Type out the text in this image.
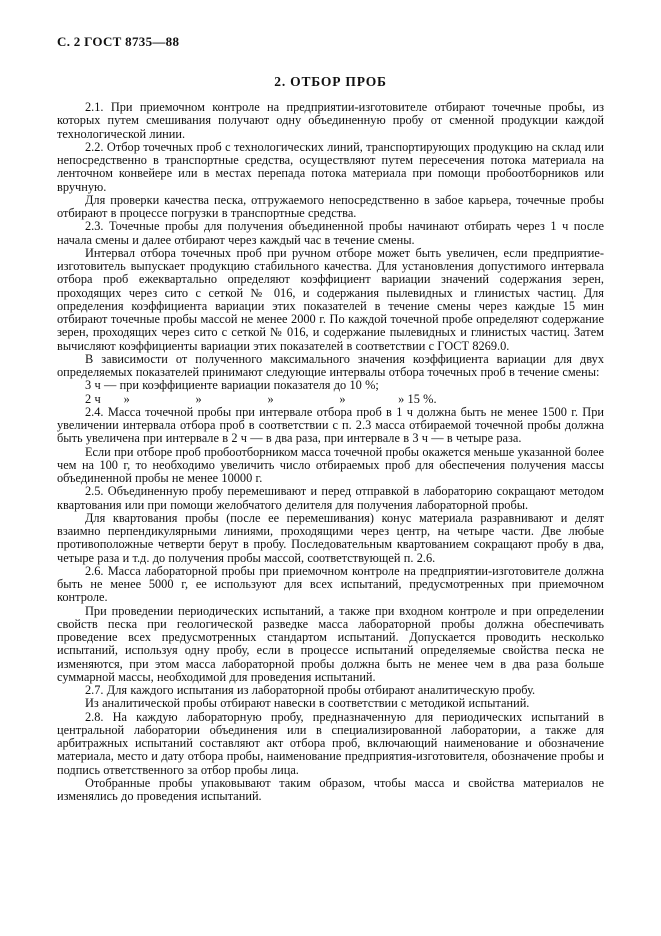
С. 2 ГОСТ 8735—88
2. ОТБОР ПРОБ

2.1. При приемочном контроле на предприятии-изготовителе отбирают точечные пробы, из которых путем смешивания получают одну объединенную пробу от сменной продукции каждой технологической линии.

2.2. Отбор точечных проб с технологических линий, транспортирующих продукцию на склад или непосредственно в транспортные средства, осуществляют путем пересечения потока материала на ленточном конвейере или в местах перепада потока материала при помощи пробоотборников или вручную.

Для проверки качества песка, отгружаемого непосредственно в забое карьера, точечные пробы отбирают в процессе погрузки в транспортные средства.

2.3. Точечные пробы для получения объединенной пробы начинают отбирать через 1 ч после начала смены и далее отбирают через каждый час в течение смены.

Интервал отбора точечных проб при ручном отборе может быть увеличен, если предприятие-изготовитель выпускает продукцию стабильного качества. Для установления допустимого интервала отбора проб ежеквартально определяют коэффициент вариации значений содержания зерен, проходящих через сито с сеткой № 016, и содержания пылевидных и глинистых частиц. Для определения коэффициента вариации этих показателей в течение смены через каждые 15 мин отбирают точечные пробы массой не менее 2000 г. По каждой точечной пробе определяют содержание зерен, проходящих через сито с сеткой № 016, и содержание пылевидных и глинистых частиц. Затем вычисляют коэффициенты вариации этих показателей в соответствии с ГОСТ 8269.0.

В зависимости от полученного максимального значения коэффициента вариации для двух определяемых показателей принимают следующие интервалы отбора точечных проб в течение смены:

3 ч — при коэффициенте вариации показателя до 10 %;

2 ч       »                    »                    »                    »                » 15 %.

2.4. Масса точечной пробы при интервале отбора проб в 1 ч должна быть не менее 1500 г. При увеличении интервала отбора проб в соответствии с п. 2.3 масса отбираемой точечной пробы должна быть увеличена при интервале в 2 ч — в два раза, при интервале в 3 ч — в четыре раза.

Если при отборе проб пробоотборником масса точечной пробы окажется меньше указанной более чем на 100 г, то необходимо увеличить число отбираемых проб для обеспечения получения массы объединенной пробы не менее 10000 г.

2.5. Объединенную пробу перемешивают и перед отправкой в лабораторию сокращают методом квартования или при помощи желобчатого делителя для получения лабораторной пробы.

Для квартования пробы (после ее перемешивания) конус материала разравнивают и делят взаимно перпендикулярными линиями, проходящими через центр, на четыре части. Две любые противоположные четверти берут в пробу. Последовательным квартованием сокращают пробу в два, четыре раза и т.д. до получения пробы массой, соответствующей п. 2.6.

2.6. Масса лабораторной пробы при приемочном контроле на предприятии-изготовителе должна быть не менее 5000 г, ее используют для всех испытаний, предусмотренных при приемочном контроле.

При проведении периодических испытаний, а также при входном контроле и при определении свойств песка при геологической разведке масса лабораторной пробы должна обеспечивать проведение всех предусмотренных стандартом испытаний. Допускается проводить несколько испытаний, используя одну пробу, если в процессе испытаний определяемые свойства песка не изменяются, при этом масса лабораторной пробы должна быть не менее чем в два раза больше суммарной массы, необходимой для проведения испытаний.

2.7. Для каждого испытания из лабораторной пробы отбирают аналитическую пробу.

Из аналитической пробы отбирают навески в соответствии с методикой испытаний.

2.8. На каждую лабораторную пробу, предназначенную для периодических испытаний в центральной лаборатории объединения или в специализированной лаборатории, а также для арбитражных испытаний составляют акт отбора проб, включающий наименование и обозначение материала, место и дату отбора пробы, наименование предприятия-изготовителя, обозначение пробы и подпись ответственного за отбор пробы лица.

Отобранные пробы упаковывают таким образом, чтобы масса и свойства материалов не изменялись до проведения испытаний.
